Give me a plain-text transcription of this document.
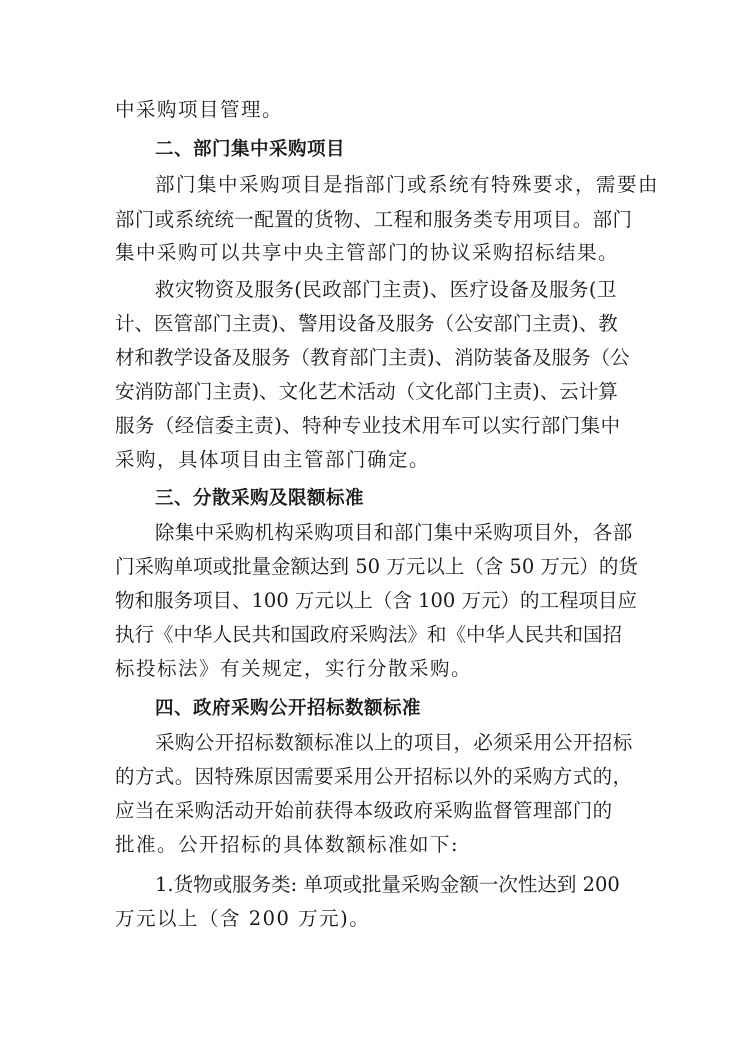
中采购项目管理。
二、部门集中采购项目
部门集中采购项目是指部门或系统有特殊要求，需要由
部门或系统统一配置的货物、工程和服务类专用项目。部门
集中采购可以共享中央主管部门的协议采购招标结果。
救灾物资及服务(民政部门主责)、医疗设备及服务(卫
计、医管部门主责)、警用设备及服务（公安部门主责)、教
材和教学设备及服务（教育部门主责)、消防装备及服务（公
安消防部门主责)、文化艺术活动（文化部门主责)、云计算
服务（经信委主责)、特种专业技术用车可以实行部门集中
采购，具体项目由主管部门确定。
三、分散采购及限额标准
除集中采购机构采购项目和部门集中采购项目外，各部
门采购单项或批量金额达到 50 万元以上（含 50 万元）的货
物和服务项目、100 万元以上（含 100 万元）的工程项目应
执行《中华人民共和国政府采购法》和《中华人民共和国招
标投标法》有关规定，实行分散采购。
四、政府采购公开招标数额标准
采购公开招标数额标准以上的项目，必须采用公开招标
的方式。因特殊原因需要采用公开招标以外的采购方式的，
应当在采购活动开始前获得本级政府采购监督管理部门的
批准。公开招标的具体数额标准如下:
1.货物或服务类: 单项或批量采购金额一次性达到 200
万元以上（含 200 万元)。
